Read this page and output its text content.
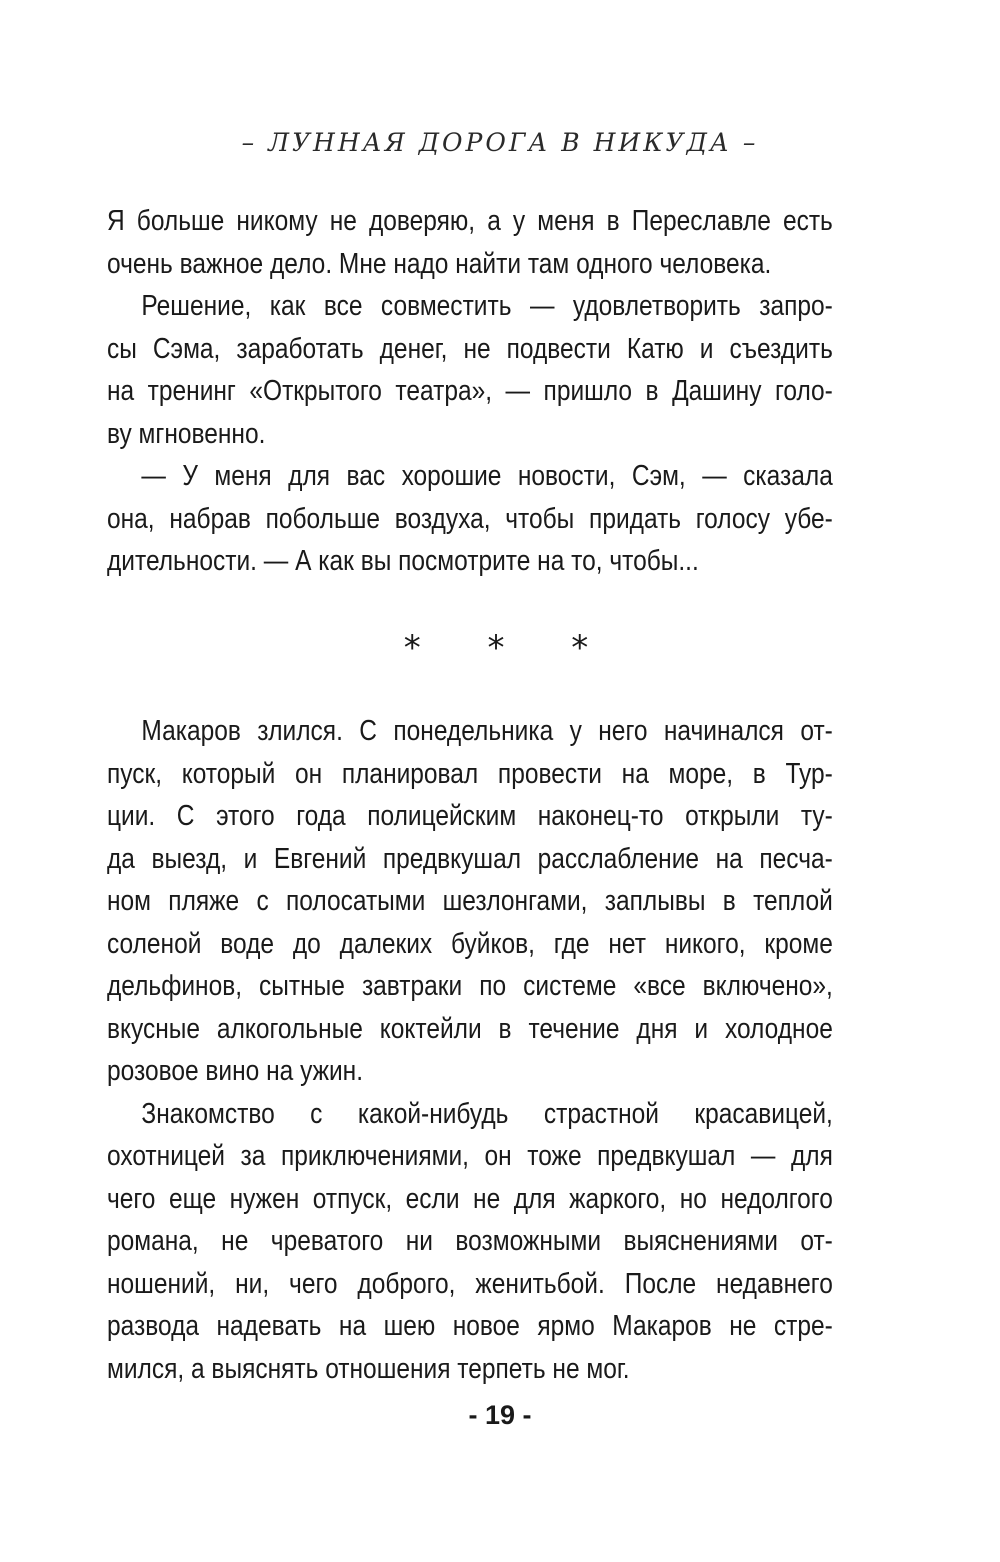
– ЛУННАЯ ДОРОГА В НИКУДА –
Я больше никому не доверяю, а у меня в Переславле есть
очень важное дело. Мне надо найти там одного человека.
Решение, как все совместить — удовлетворить запро-
сы Сэма, заработать денег, не подвести Катю и съездить
на тренинг «Открытого театра», — пришло в Дашину голо-
ву мгновенно.
— У меня для вас хорошие новости, Сэм, — сказала
она, набрав побольше воздуха, чтобы придать голосу убе-
дительности. — А как вы посмотрите на то, чтобы...
* * *
Макаров злился. С понедельника у него начинался от-
пуск, который он планировал провести на море, в Тур-
ции. С этого года полицейским наконец-то открыли ту-
да выезд, и Евгений предвкушал расслабление на песча-
ном пляже с полосатыми шезлонгами, заплывы в теплой
соленой воде до далеких буйков, где нет никого, кроме
дельфинов, сытные завтраки по системе «все включено»,
вкусные алкогольные коктейли в течение дня и холодное
розовое вино на ужин.
Знакомство с какой-нибудь страстной красавицей,
охотницей за приключениями, он тоже предвкушал — для
чего еще нужен отпуск, если не для жаркого, но недолгого
романа, не чреватого ни возможными выяснениями от-
ношений, ни, чего доброго, женитьбой. После недавнего
развода надевать на шею новое ярмо Макаров не стре-
мился, а выяснять отношения терпеть не мог.
- 19 -
